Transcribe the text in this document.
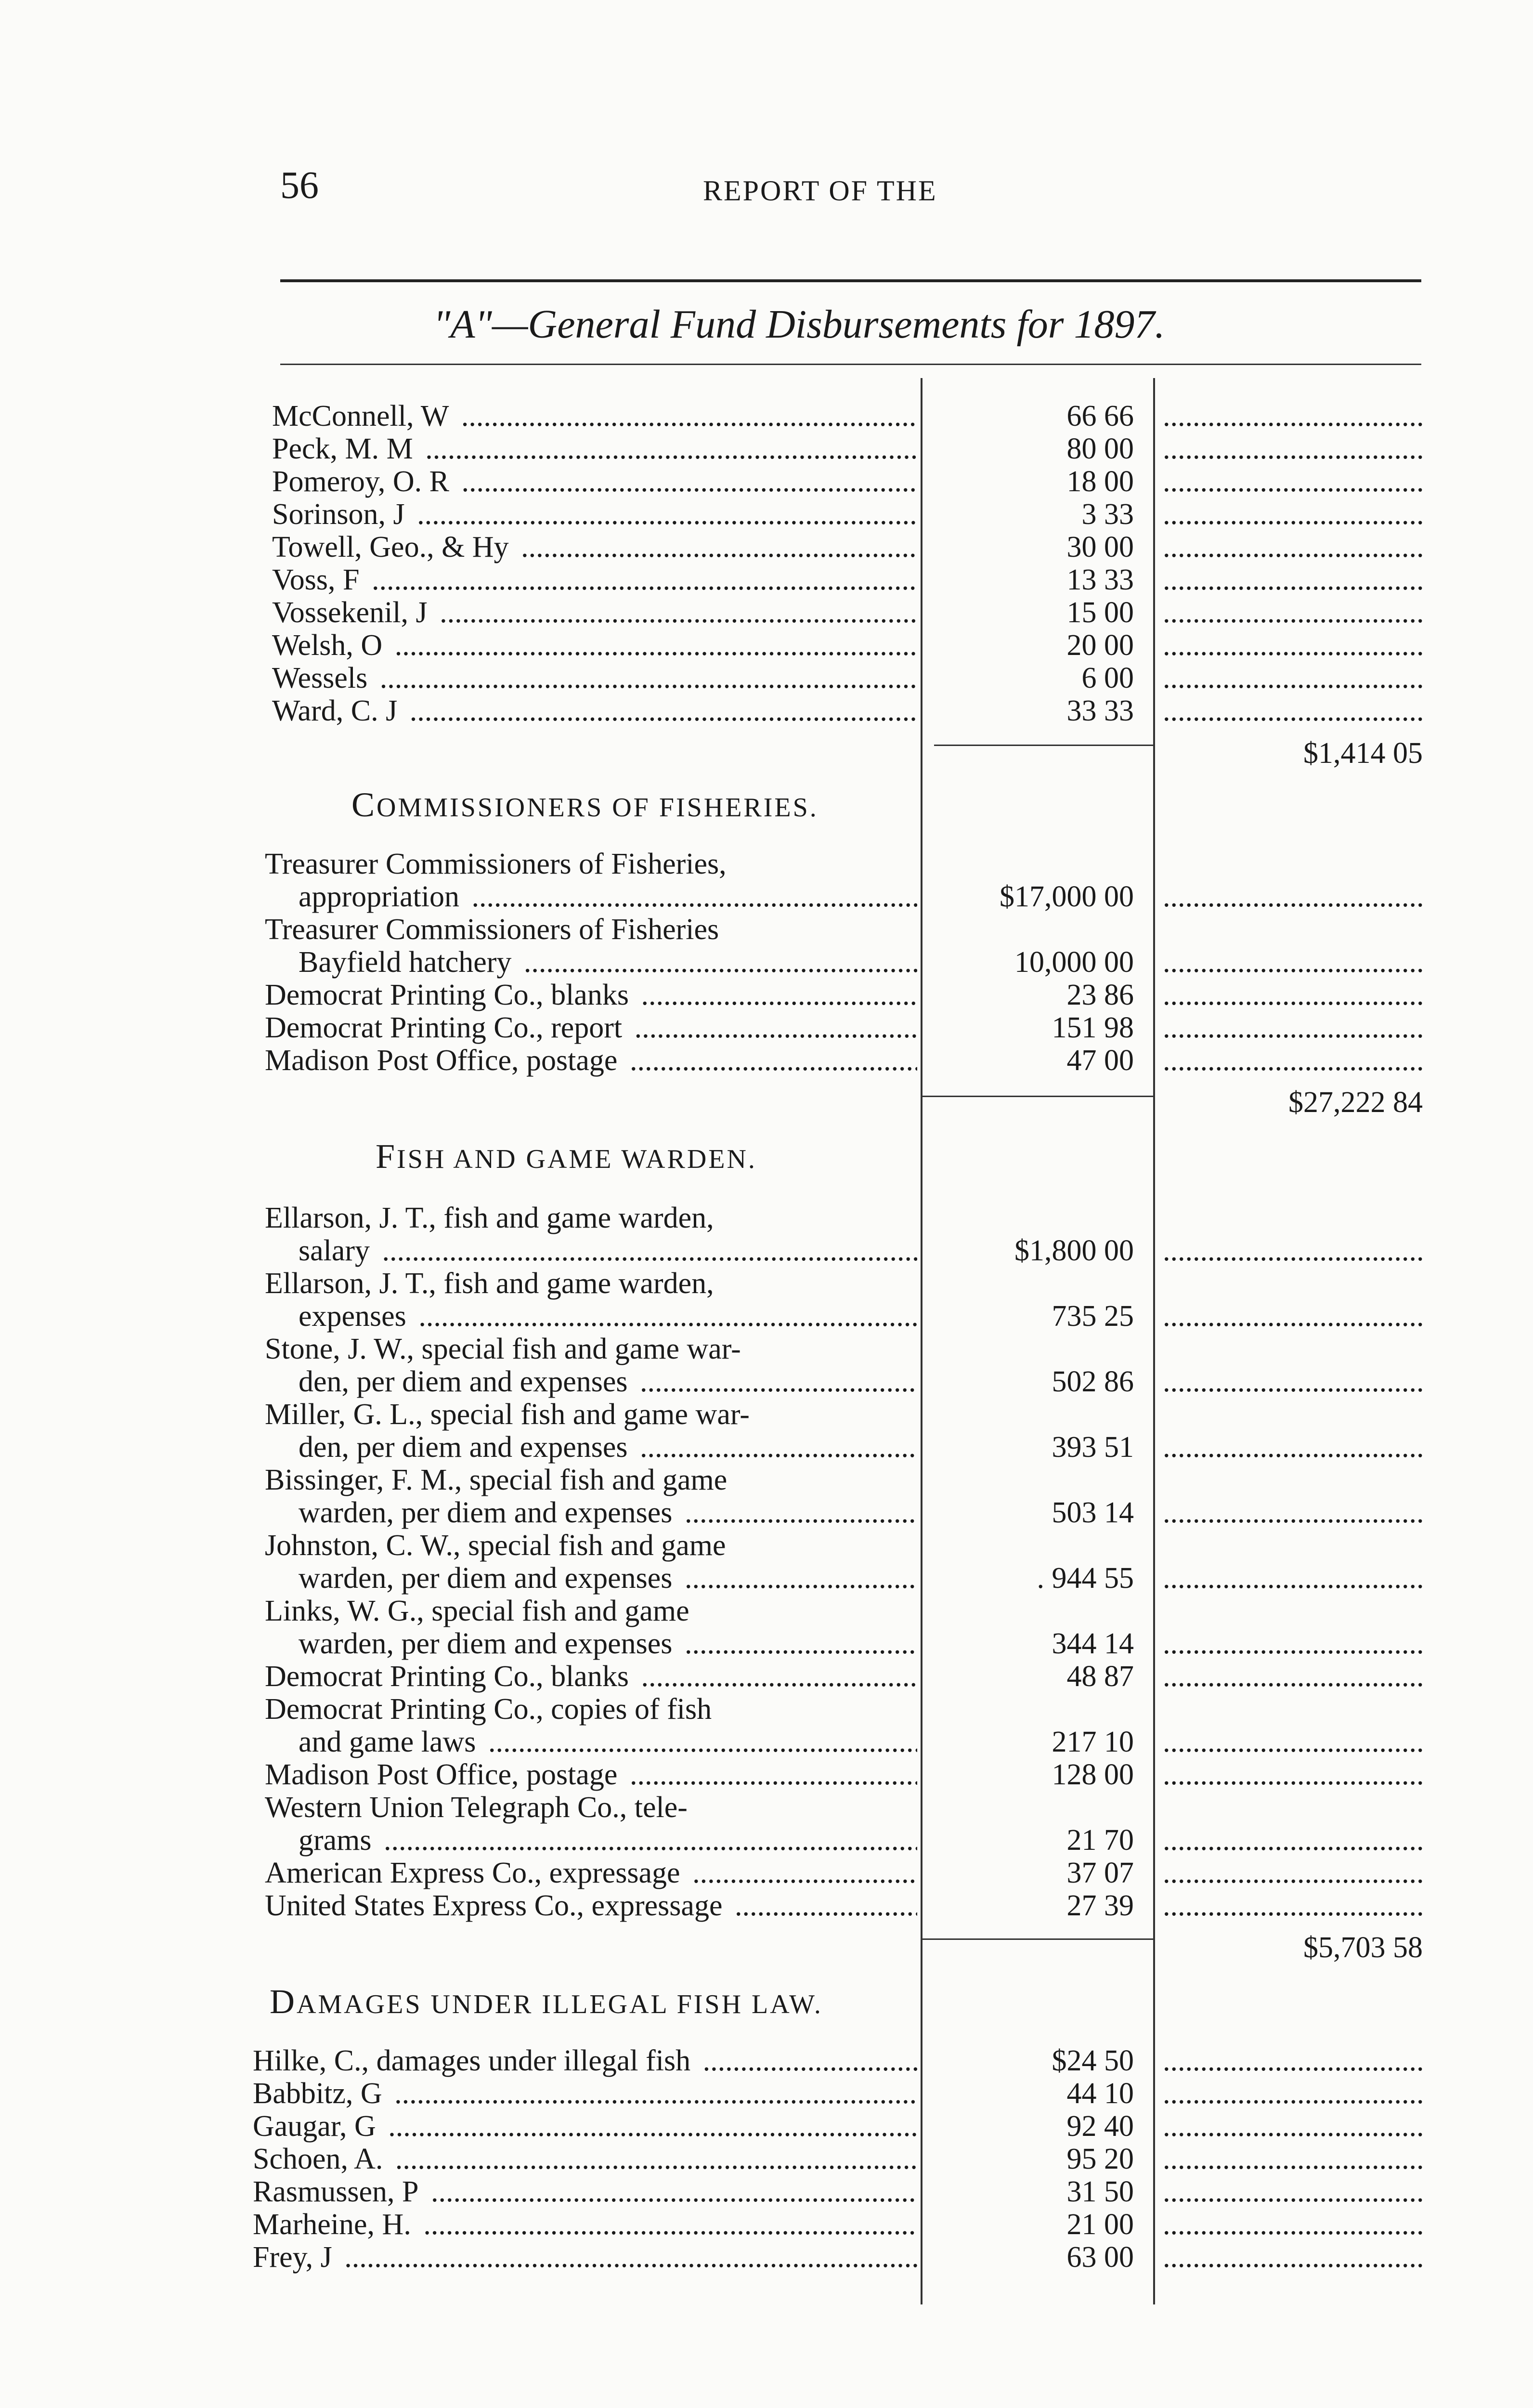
56	REPORT OF THE
"A"—General Fund Disbursements for 1897.
McConnell, W .....	66 66
.....
Peck, M. M .....	80 00
.....
Pomeroy, O. R .....	18 00
.....
Sorinson, J .....	3 33
.....
Towell, Geo., & Hy .....	30 00
.....
Voss, F .....	13 33
.....
Vossekenil, J .....	15 00
.....
Welsh, O .....	20 00
.....
Wessels .....	6 00
.....
Ward, C. J .....	33 33
.....
$1,414 05
COMMISSIONERS OF FISHERIES.
Treasurer Commissioners of Fisheries,
appropriation .....	$17,000 00
.....
Treasurer Commissioners of Fisheries
Bayfield hatchery .....	10,000 00
.....
Democrat Printing Co., blanks .....	23 86
.....
Democrat Printing Co., report .....	151 98
.....
Madison Post Office, postage .....	47 00
.....
$27,222 84
FISH AND GAME WARDEN.
Ellarson, J. T., fish and game warden,
salary .....	$1,800 00
.....
Ellarson, J. T., fish and game warden,
expenses .....	735 25
.....
Stone, J. W., special fish and game war-
den, per diem and expenses .....	502 86
.....
Miller, G. L., special fish and game war-
den, per diem and expenses .....	393 51
.....
Bissinger, F. M., special fish and game
warden, per diem and expenses .....	503 14
.....
Johnston, C. W., special fish and game
warden, per diem and expenses .....	. 944 55
.....
Links, W. G., special fish and game
warden, per diem and expenses .....	344 14
.....
Democrat Printing Co., blanks .....	48 87
.....
Democrat Printing Co., copies of fish
and game laws .....	217 10
.....
Madison Post Office, postage .....	128 00
.....
Western Union Telegraph Co., tele-
grams .....	21 70
.....
American Express Co., expressage .....	37 07
.....
United States Express Co., expressage .....	27 39
.....
$5,703 58
DAMAGES UNDER ILLEGAL FISH LAW.
Hilke, C., damages under illegal fish .....	$24 50
.....
Babbitz, G .....	44 10
.....
Gaugar, G .....	92 40
.....
Schoen, A. .....	95 20
.....
Rasmussen, P .....	31 50
.....
Marheine, H. .....	21 00
.....
Frey, J .....	63 00
.....
